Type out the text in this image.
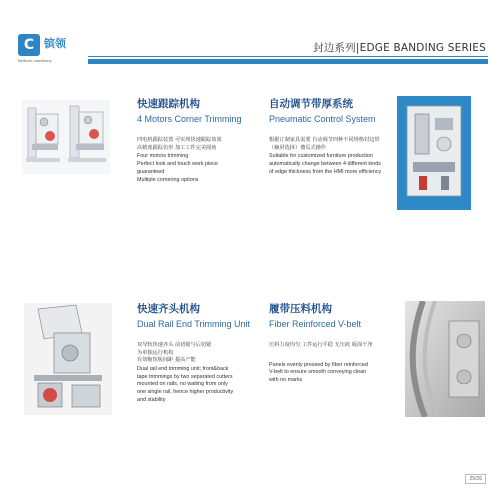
C 镔领
Bellinon machinery
封边系列|EDGE BANDING SERIES
快速跟踪机构
4 Motors Corner Trimming
四电机跟踪装置 可实现快速跟踪效果
高精度跟踪仿形 加工工件完美圆角
Four motors trimming
Perfect look and touch work piece
guaranteed
Multiple cornering options
自动调节带厚系统
Pneumatic Control System
根据订制家具需要 自动调节四种不同规格封边带
（触屏选择）傻瓜式操作
Suitable for customized furniture production
automatically change between 4 different kinds
of edge thickness from the HMI more efficiency
快速齐头机构
Dual Rail End Trimming Unit
双导轨快速齐头 前切锯与后切锯
为单独运行机构
有效缩短板间距 提高产能
Dual rail end trimming unit; front&back
tape trimmings by two separated cutters
mounted on rails, no waiting from only
one single rail, hence higher productivity
and stability
履带压料机构
Fiber Reinforced V-belt
压料力度均匀 工件运行平稳 无压痕 板面干净
Panels evenly pressed by fiber reinforced
V-belt to ensure smooth conveying clean
with no marks
25/26
